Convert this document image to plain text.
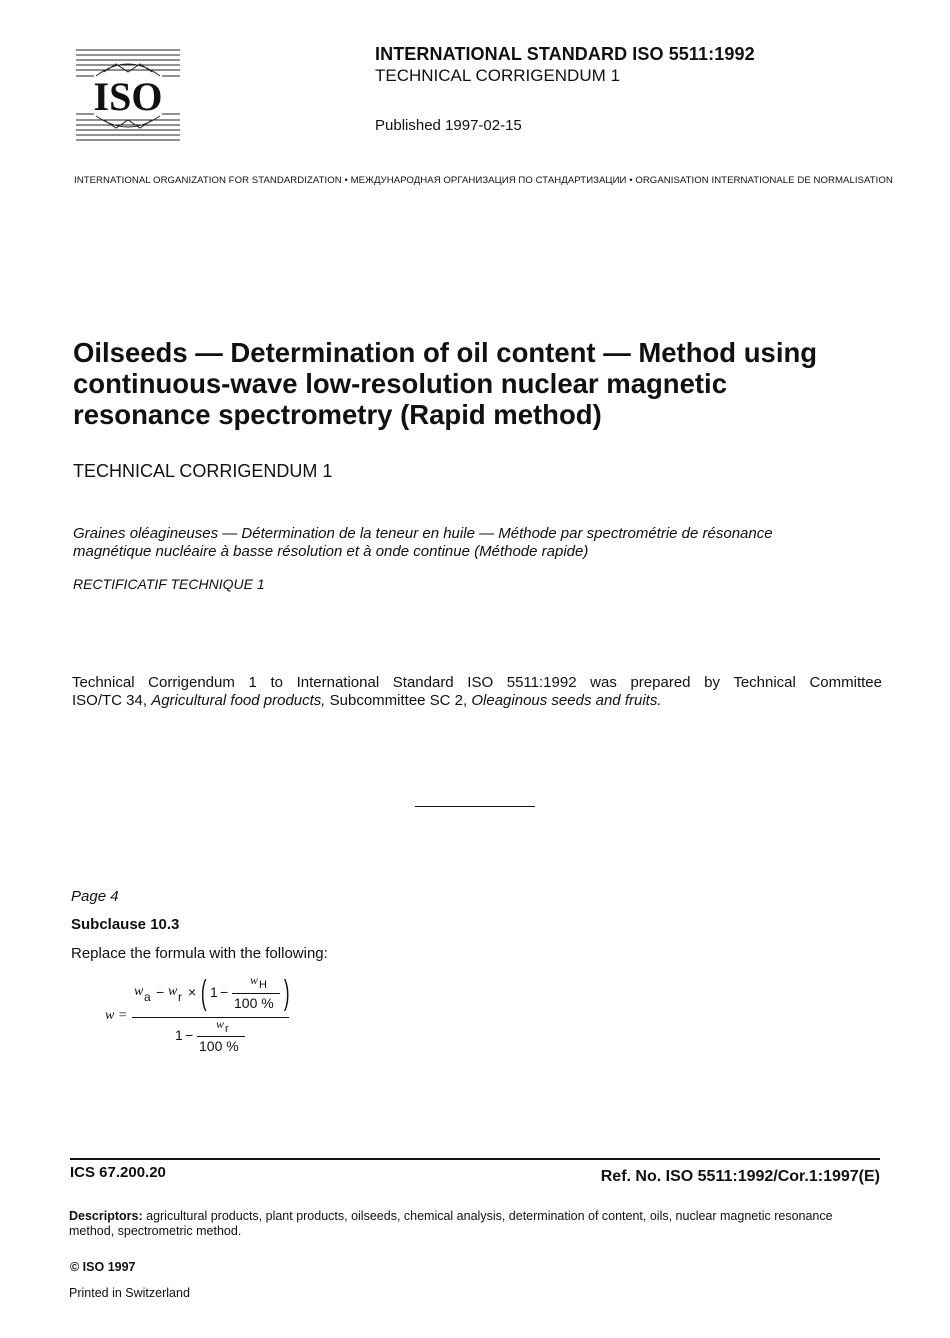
ISO
INTERNATIONAL STANDARD ISO 5511:1992
TECHNICAL CORRIGENDUM 1
Published 1997-02-15
INTERNATIONAL ORGANIZATION FOR STANDARDIZATION • МЕЖДУНАРОДНАЯ ОРГАНИЗАЦИЯ ПО СТАНДАРТИЗАЦИИ • ORGANISATION INTERNATIONALE DE NORMALISATION
Oilseeds — Determination of oil content — Method using
continuous-wave low-resolution nuclear magnetic
resonance spectrometry (Rapid method)
TECHNICAL CORRIGENDUM 1
Graines oléagineuses — Détermination de la teneur en huile — Méthode par spectrométrie de résonance
magnétique nucléaire à basse résolution et à onde continue (Méthode rapide)
RECTIFICATIF TECHNIQUE 1
Technical Corrigendum 1 to International Standard ISO 5511:1992 was prepared by Technical Committee
ISO/TC 34, Agricultural food products, Subcommittee SC 2, Oleaginous seeds and fruits.

Page 4
Subclause 10.3
Replace the formula with the following:
w =
w a − w r × ( 1 −
w H
100 % )
1 −
w r
100 %
ICS 67.200.20	Ref. No. ISO 5511:1992/Cor.1:1997(E)
Descriptors: agricultural products, plant products, oilseeds, chemical analysis, determination of content, oils, nuclear magnetic resonance method, spectrometric method.
© ISO 1997
Printed in Switzerland
